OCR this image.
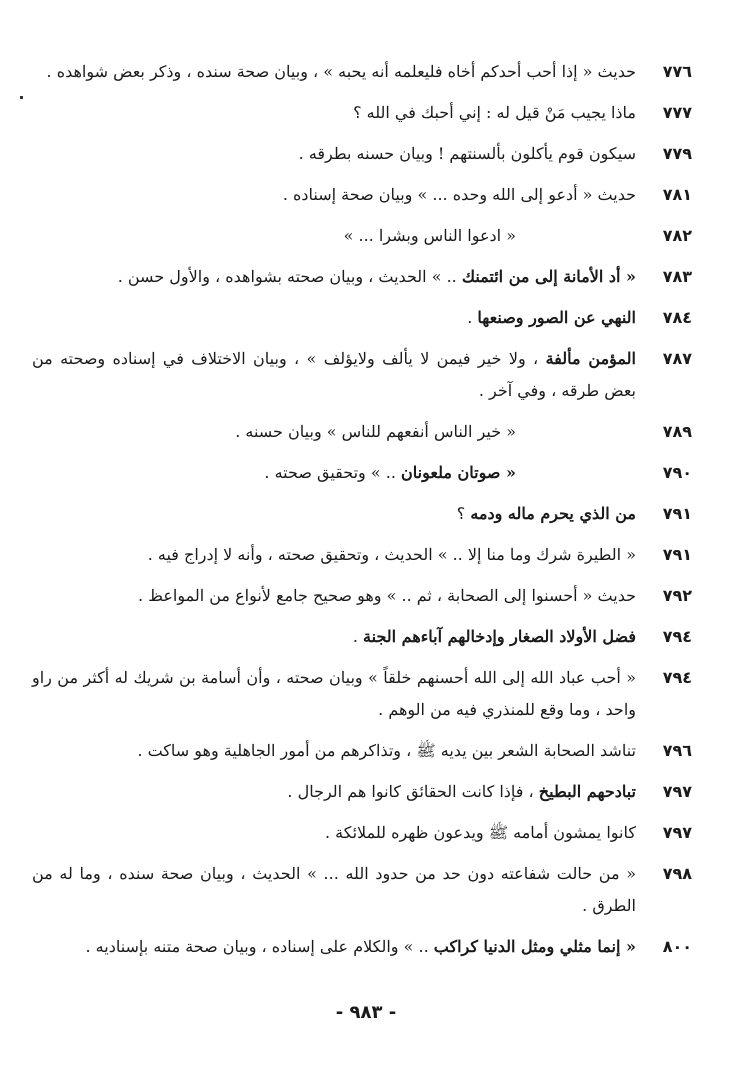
٧٧٦
حديث « إذا أحب أحدكم أخاه فليعلمه أنه يحبه » ، وبيان صحة سنده ، وذكر بعض شواهده .
٧٧٧
ماذا يجيب مَنْ قيل له : إني أحبك في الله ؟
٧٧٩
سيكون قوم يأكلون بألسنتهم ! وبيان حسنه بطرقه .
٧٨١
حديث « أدعو إلى الله وحده ... » وبيان صحة إسناده .
٧٨٢
« ادعوا الناس وبشرا ... »
٧٨٣
« أد الأمانة إلى من ائتمنك .. » الحديث ، وبيان صحته بشواهده ، والأول حسن .
٧٨٤
النهي عن الصور وصنعها .
٧٨٧
المؤمن مألفة ، ولا خير فيمن لا يألف ولايؤلف » ، وبيان الاختلاف في إسناده وصحته من بعض طرقه ، وفي آخر .
٧٨٩
« خير الناس أنفعهم للناس » وبيان حسنه .
٧٩٠
« صوتان ملعونان .. » وتحقيق صحته .
٧٩١
من الذي يحرم ماله ودمه ؟
٧٩١
« الطيرة شرك وما منا إلا .. » الحديث ، وتحقيق صحته ، وأنه لا إدراج فيه .
٧٩٢
حديث « أحسنوا إلى الصحابة ، ثم .. » وهو صحيح جامع لأنواع من المواعظ .
٧٩٤
فضل الأولاد الصغار وإدخالهم آباءهم الجنة .
٧٩٤
« أحب عباد الله إلى الله أحسنهم خلقاً » وبيان صحته ، وأن أسامة بن شريك له أكثر من راو واحد ، وما وقع للمنذري فيه من الوهم .
٧٩٦
تناشد الصحابة الشعر بين يديه ﷺ ، وتذاكرهم من أمور الجاهلية وهو ساكت .
٧٩٧
تبادحهم البطيخ ، فإذا كانت الحقائق كانوا هم الرجال .
٧٩٧
كانوا يمشون أمامه ﷺ ويدعون ظهره للملائكة .
٧٩٨
« من حالت شفاعته دون حد من حدود الله ... » الحديث ، وبيان صحة سنده ، وما له من الطرق .
٨٠٠
« إنما مثلي ومثل الدنيا كراكب .. » والكلام على إسناده ، وبيان صحة متنه بإسناديه .
- ٩٨٣ -
